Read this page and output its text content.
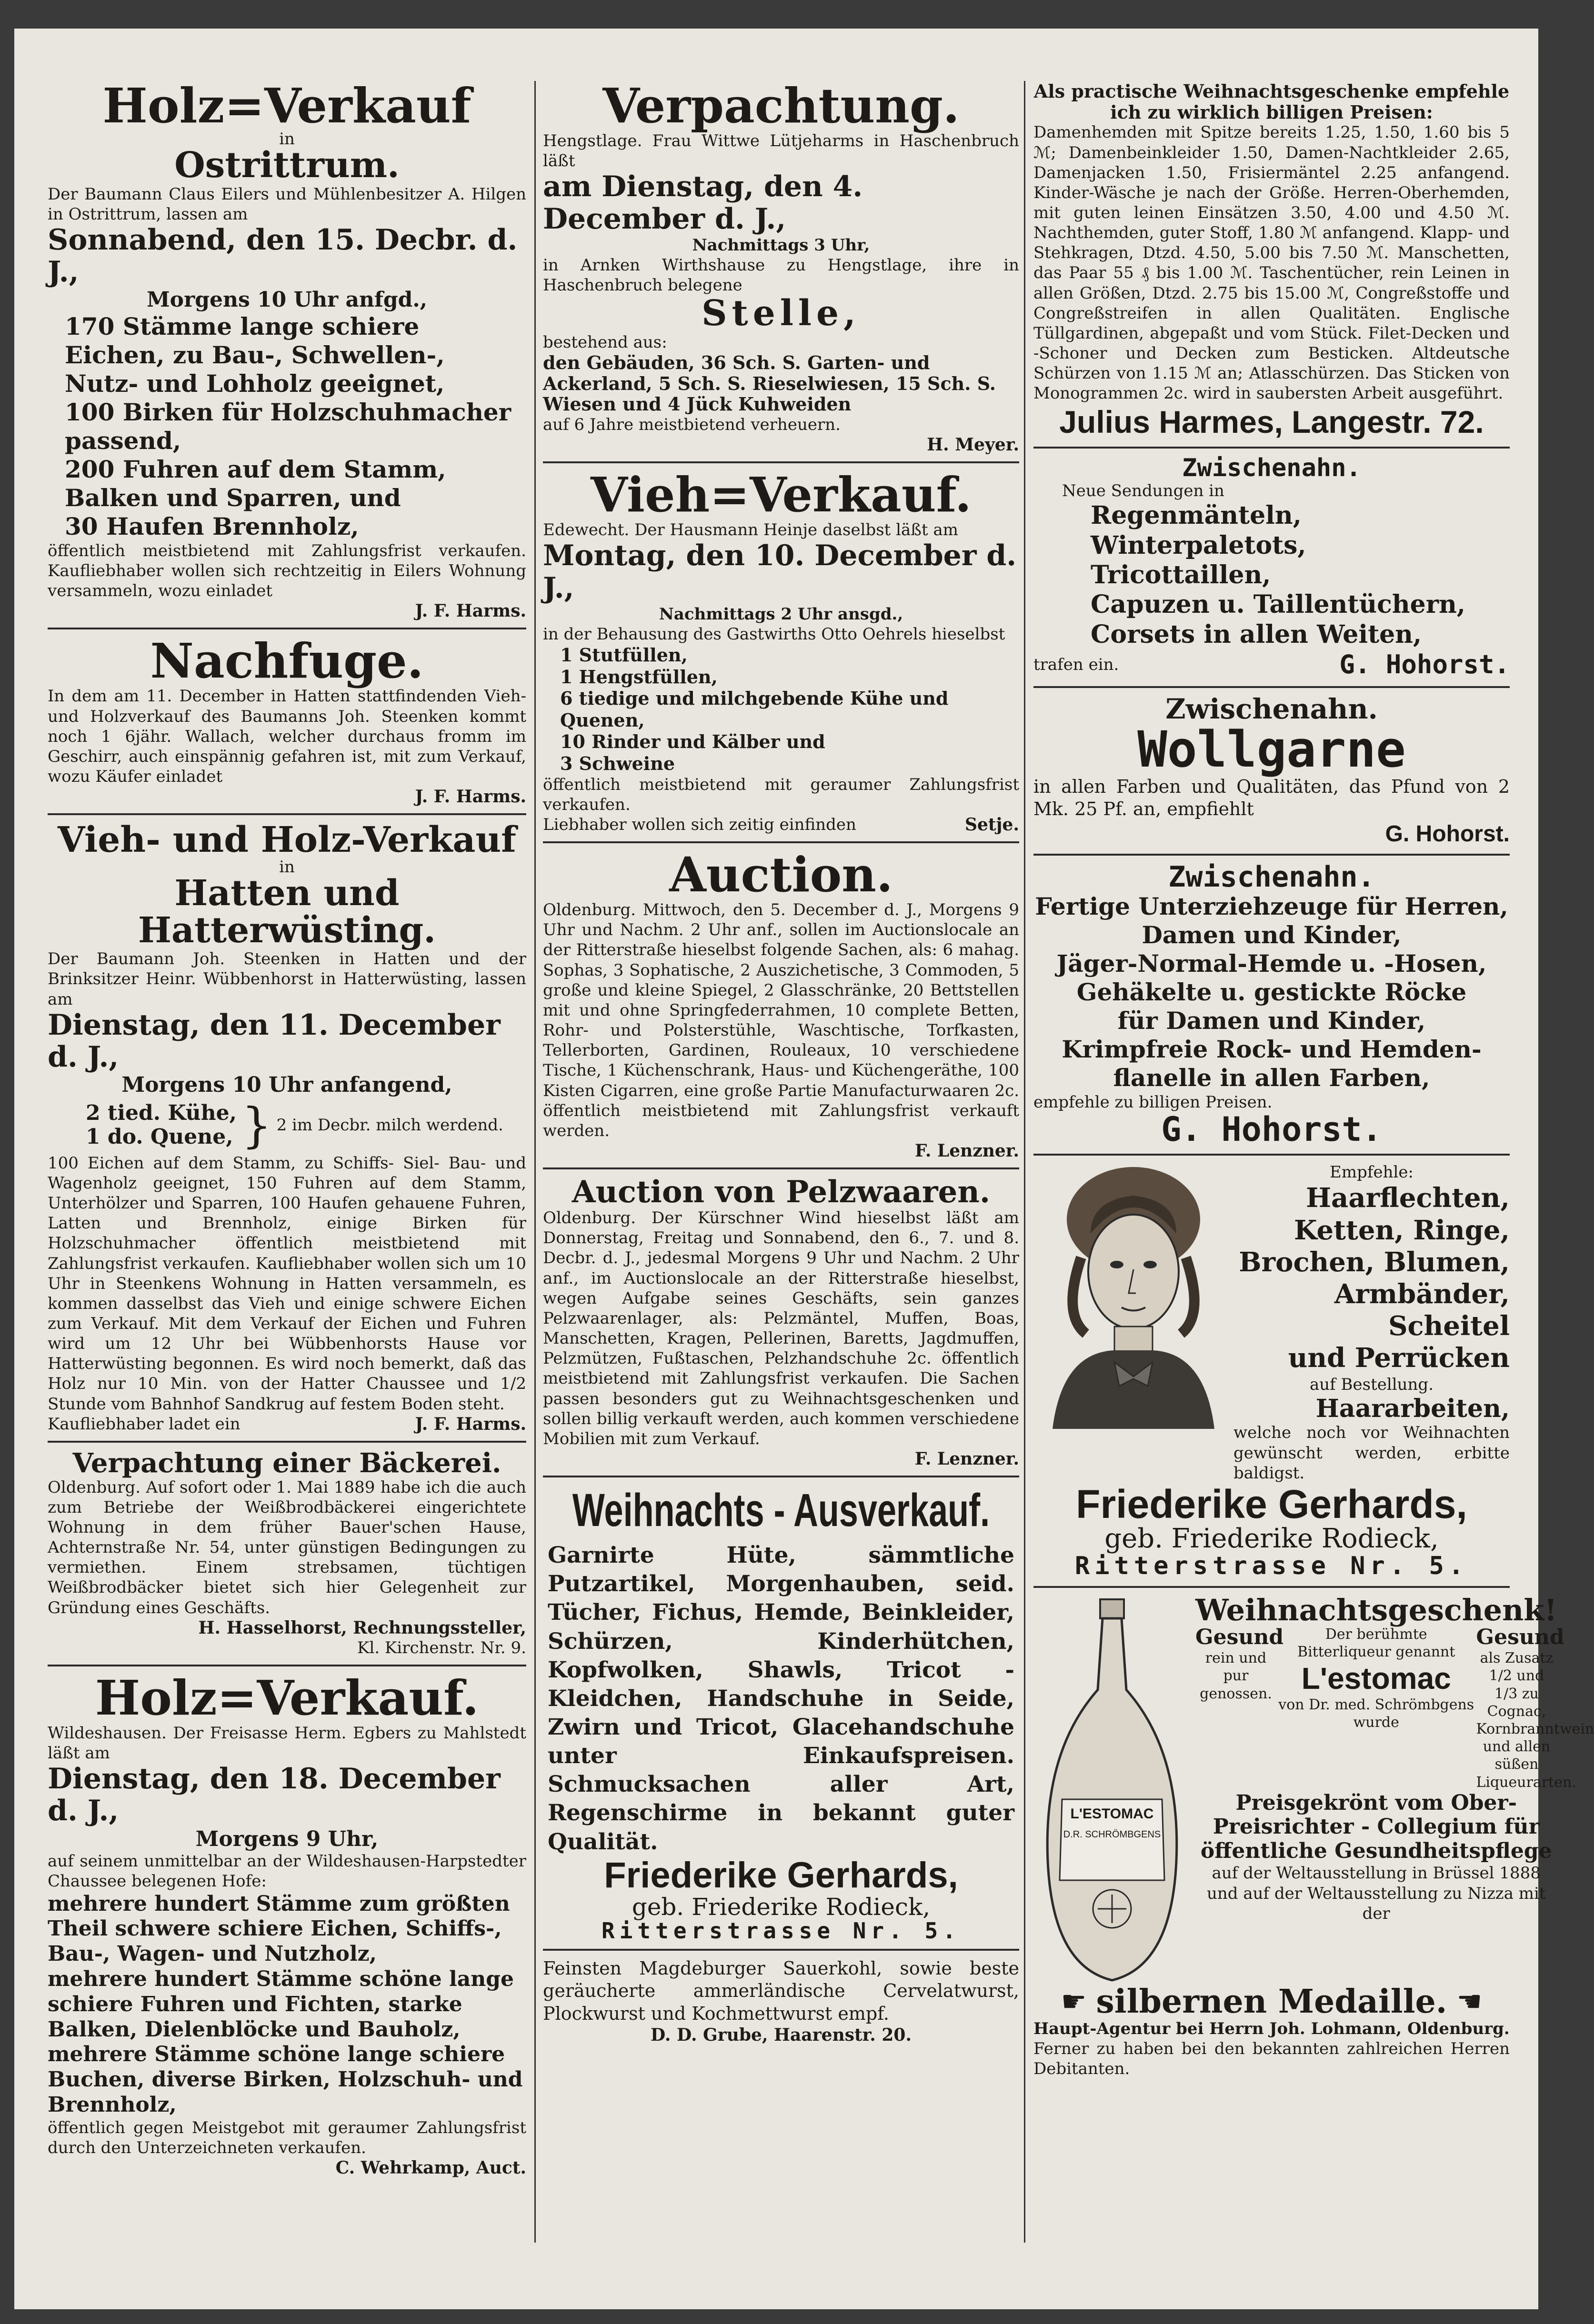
Holz=Verkauf
in
Ostrittrum.
Der Baumann Claus Eilers und Mühlenbesitzer A. Hilgen in Ostrittrum, lassen am
Sonnabend, den 15. Decbr. d. J.,
Morgens 10 Uhr anfgd.,
170 Stämme lange schiere Eichen, zu Bau-, Schwellen-, Nutz- und Lohholz geeignet,
100 Birken für Holzschuhmacher passend,
200 Fuhren auf dem Stamm, Balken und Sparren, und
30 Haufen Brennholz,
öffentlich meistbietend mit Zahlungsfrist verkaufen. Kaufliebhaber wollen sich rechtzeitig in Eilers Wohnung versammeln, wozu einladet
J. F. Harms.
Nachfuge.
In dem am 11. December in Hatten stattfindenden Vieh- und Holzverkauf des Baumanns Joh. Steenken kommt noch 1 6jähr. Wallach, welcher durchaus fromm im Geschirr, auch einspännig gefahren ist, mit zum Verkauf, wozu Käufer einladet
J. F. Harms.
Vieh- und Holz-Verkauf
in
Hatten und Hatterwüsting.
Der Baumann Joh. Steenken in Hatten und der Brinksitzer Heinr. Wübbenhorst in Hatterwüsting, lassen am
Dienstag, den 11. December d. J.,
Morgens 10 Uhr anfangend,
2 tied. Kühe,
1 do. Quene, } 2 im Decbr. milch werdend.
100 Eichen auf dem Stamm, zu Schiffs- Siel- Bau- und Wagenholz geeignet, 150 Fuhren auf dem Stamm, Unterhölzer und Sparren, 100 Haufen gehauene Fuhren, Latten und Brennholz, einige Birken für Holzschuhmacher öffentlich meistbietend mit Zahlungsfrist verkaufen. Kaufliebhaber wollen sich um 10 Uhr in Steenkens Wohnung in Hatten versammeln, es kommen dasselbst das Vieh und einige schwere Eichen zum Verkauf. Mit dem Verkauf der Eichen und Fuhren wird um 12 Uhr bei Wübbenhorsts Hause vor Hatterwüsting begonnen. Es wird noch bemerkt, daß das Holz nur 10 Min. von der Hatter Chaussee und 1/2 Stunde vom Bahnhof Sandkrug auf festem Boden steht.
Kaufliebhaber ladet ein	J. F. Harms.
Verpachtung einer Bäckerei.
Oldenburg. Auf sofort oder 1. Mai 1889 habe ich die auch zum Betriebe der Weißbrodbäckerei eingerichtete Wohnung in dem früher Bauer'schen Hause, Achternstraße Nr. 54, unter günstigen Bedingungen zu vermiethen. Einem strebsamen, tüchtigen Weißbrodbäcker bietet sich hier Gelegenheit zur Gründung eines Geschäfts.
H. Hasselhorst, Rechnungssteller,
Kl. Kirchenstr. Nr. 9.
Holz=Verkauf.
Wildeshausen. Der Freisasse Herm. Egbers zu Mahlstedt läßt am
Dienstag, den 18. December d. J.,
Morgens 9 Uhr,
auf seinem unmittelbar an der Wildeshausen-Harpstedter Chaussee belegenen Hofe:
mehrere hundert Stämme zum größten Theil schwere schiere Eichen, Schiffs-, Bau-, Wagen- und Nutzholz,
mehrere hundert Stämme schöne lange schiere Fuhren und Fichten, starke Balken, Dielenblöcke und Bauholz,
mehrere Stämme schöne lange schiere Buchen, diverse Birken, Holzschuh- und Brennholz,
öffentlich gegen Meistgebot mit geraumer Zahlungsfrist durch den Unterzeichneten verkaufen.
C. Wehrkamp, Auct.
Verpachtung.
Hengstlage. Frau Wittwe Lütjeharms in Haschenbruch läßt
am Dienstag, den 4. December d. J.,
Nachmittags 3 Uhr,
in Arnken Wirthshause zu Hengstlage, ihre in Haschenbruch belegene
Stelle,
bestehend aus:
den Gebäuden, 36 Sch. S. Garten- und Ackerland, 5 Sch. S. Rieselwiesen, 15 Sch. S. Wiesen und 4 Jück Kuhweiden
auf 6 Jahre meistbietend verheuern.
H. Meyer.
Vieh=Verkauf.
Edewecht. Der Hausmann Heinje daselbst läßt am
Montag, den 10. December d. J.,
Nachmittags 2 Uhr ansgd.,
in der Behausung des Gastwirths Otto Oehrels hieselbst
1 Stutfüllen,
1 Hengstfüllen,
6 tiedige und milchgebende Kühe und Quenen,
10 Rinder und Kälber und
3 Schweine
öffentlich meistbietend mit geraumer Zahlungsfrist verkaufen.
Liebhaber wollen sich zeitig einfinden	Setje.
Auction.
Oldenburg. Mittwoch, den 5. December d. J., Morgens 9 Uhr und Nachm. 2 Uhr anf., sollen im Auctionslocale an der Ritterstraße hieselbst folgende Sachen, als: 6 mahag. Sophas, 3 Sophatische, 2 Auszichetische, 3 Commoden, 5 große und kleine Spiegel, 2 Glasschränke, 20 Bettstellen mit und ohne Springfederrahmen, 10 complete Betten, Rohr- und Polsterstühle, Waschtische, Torfkasten, Tellerborten, Gardinen, Rouleaux, 10 verschiedene Tische, 1 Küchenschrank, Haus- und Küchengeräthe, 100 Kisten Cigarren, eine große Partie Manufacturwaaren 2c. öffentlich meistbietend mit Zahlungsfrist verkauft werden.
F. Lenzner.
Auction von Pelzwaaren.
Oldenburg. Der Kürschner Wind hieselbst läßt am Donnerstag, Freitag und Sonnabend, den 6., 7. und 8. Decbr. d. J., jedesmal Morgens 9 Uhr und Nachm. 2 Uhr anf., im Auctionslocale an der Ritterstraße hieselbst, wegen Aufgabe seines Geschäfts, sein ganzes Pelzwaarenlager, als: Pelzmäntel, Muffen, Boas, Manschetten, Kragen, Pellerinen, Baretts, Jagdmuffen, Pelzmützen, Fußtaschen, Pelzhandschuhe 2c. öffentlich meistbietend mit Zahlungsfrist verkaufen. Die Sachen passen besonders gut zu Weihnachtsgeschenken und sollen billig verkauft werden, auch kommen verschiedene Mobilien mit zum Verkauf.
F. Lenzner.
Weihnachts - Ausverkauf.
Garnirte Hüte, sämmtliche Putzartikel, Morgenhauben, seid. Tücher, Fichus, Hemde, Beinkleider, Schürzen, Kinderhütchen, Kopfwolken, Shawls, Tricot - Kleidchen, Handschuhe in Seide, Zwirn und Tricot, Glacehandschuhe unter Einkaufspreisen. Schmucksachen aller Art, Regenschirme in bekannt guter Qualität.
Friederike Gerhards,
geb. Friederike Rodieck,
Ritterstrasse Nr. 5.
Feinsten Magdeburger Sauerkohl, sowie beste geräucherte ammerländische Cervelatwurst, Plockwurst und Kochmettwurst empf.
D. D. Grube, Haarenstr. 20.
Als practische Weihnachtsgeschenke empfehle ich zu wirklich billigen Preisen:
Damenhemden mit Spitze bereits 1.25, 1.50, 1.60 bis 5 ℳ; Damenbeinkleider 1.50, Damen-Nachtkleider 2.65, Damenjacken 1.50, Frisiermäntel 2.25 anfangend. Kinder-Wäsche je nach der Größe. Herren-Oberhemden, mit guten leinen Einsätzen 3.50, 4.00 und 4.50 ℳ. Nachthemden, guter Stoff, 1.80 ℳ anfangend. Klapp- und Stehkragen, Dtzd. 4.50, 5.00 bis 7.50 ℳ. Manschetten, das Paar 55 ₰ bis 1.00 ℳ. Taschentücher, rein Leinen in allen Größen, Dtzd. 2.75 bis 15.00 ℳ, Congreßstoffe und Congreßstreifen in allen Qualitäten. Englische Tüllgardinen, abgepaßt und vom Stück. Filet-Decken und -Schoner und Decken zum Besticken. Altdeutsche Schürzen von 1.15 ℳ an; Atlasschürzen. Das Sticken von Monogrammen 2c. wird in saubersten Arbeit ausgeführt.
Julius Harmes, Langestr. 72.
Zwischenahn.
Neue Sendungen in
Regenmänteln,
Winterpaletots,
Tricottaillen,
Capuzen u. Taillentüchern,
Corsets in allen Weiten,
trafen ein.	G. Hohorst.
Zwischenahn.
Wollgarne
in allen Farben und Qualitäten, das Pfund von 2 Mk. 25 Pf. an, empfiehlt
G. Hohorst.
Zwischenahn.
Fertige Unterziehzeuge für Herren,
Damen und Kinder,
Jäger-Normal-Hemde u. -Hosen,
Gehäkelte u. gestickte Röcke
für Damen und Kinder,
Krimpfreie Rock- und Hemden-
flanelle in allen Farben,
empfehle zu billigen Preisen.
G. Hohorst.
Empfehle:
Haarflechten,
Ketten, Ringe,
Brochen, Blumen,
Armbänder,
Scheitel
und Perrücken
auf Bestellung.
Haararbeiten,
welche noch vor Weihnachten gewünscht werden, erbitte baldigst.
Friederike Gerhards,
geb. Friederike Rodieck,
Ritterstrasse Nr. 5.
L'ESTOMAC
D.R. SCHRÖMBGENS
Weihnachtsgeschenk!
Gesund
rein und pur genossen.
Der berühmte Bitterliqueur genannt
L'estomac
von Dr. med. Schrömbgens
wurde
Gesund
als Zusatz 1/2 und 1/3 zu Cognac, Kornbranntwein und allen süßen Liqueurarten.
Preisgekrönt vom Ober-Preisrichter - Collegium für öffentliche Gesundheitspflege
auf der Weltausstellung in Brüssel 1888 und auf der Weltausstellung zu Nizza mit der
☛ silbernen Medaille. ☚
Haupt-Agentur bei Herrn Joh. Lohmann, Oldenburg.
Ferner zu haben bei den bekannten zahlreichen Herren Debitanten.
